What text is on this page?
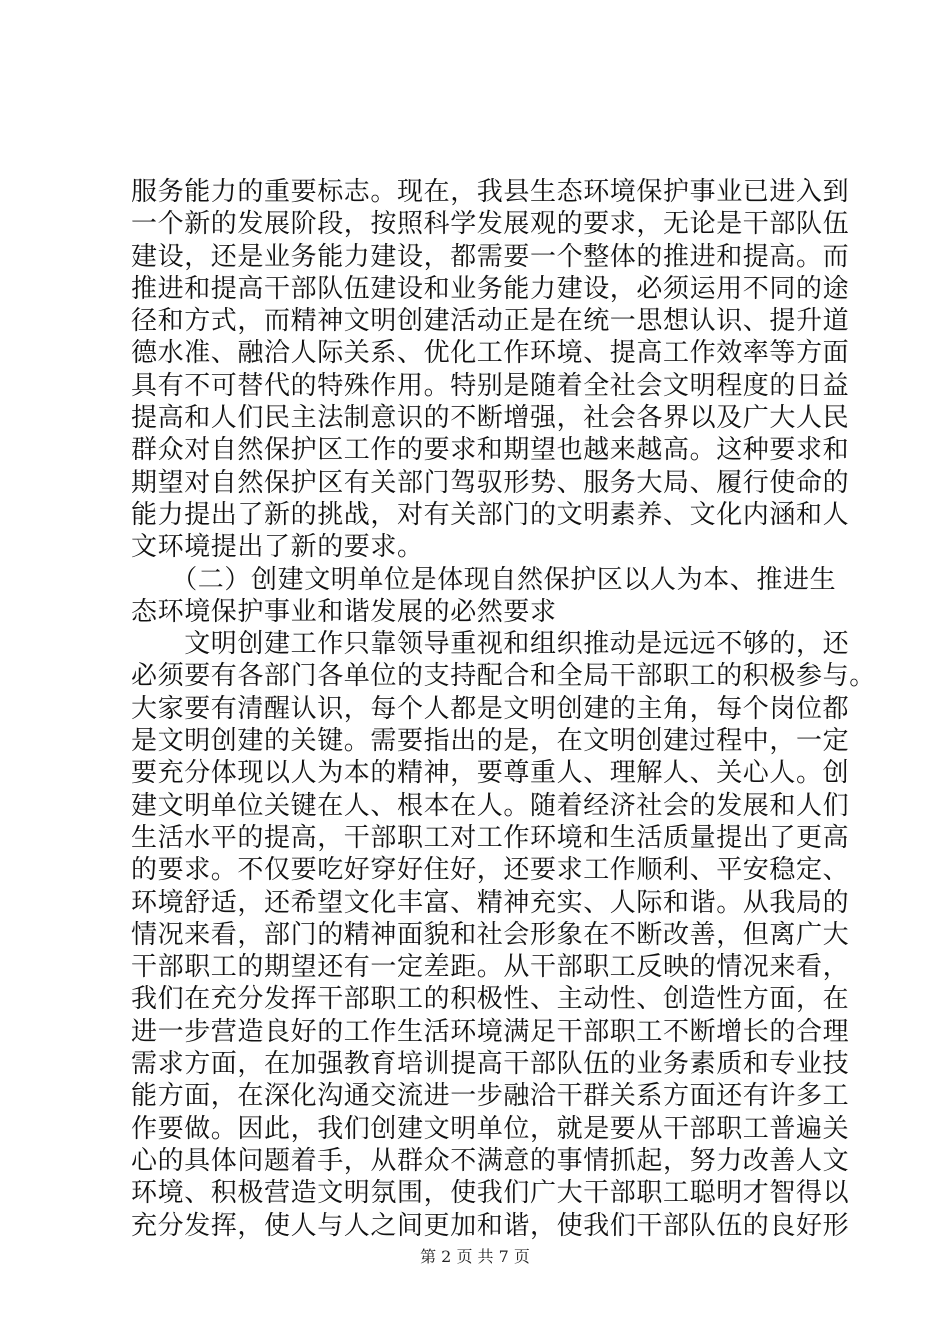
服务能力的重要标志。现在，我县生态环境保护事业已进入到
一个新的发展阶段，按照科学发展观的要求，无论是干部队伍
建设，还是业务能力建设，都需要一个整体的推进和提高。而
推进和提高干部队伍建设和业务能力建设，必须运用不同的途
径和方式，而精神文明创建活动正是在统一思想认识、提升道
德水准、融洽人际关系、优化工作环境、提高工作效率等方面
具有不可替代的特殊作用。特别是随着全社会文明程度的日益
提高和人们民主法制意识的不断增强，社会各界以及广大人民
群众对自然保护区工作的要求和期望也越来越高。这种要求和
期望对自然保护区有关部门驾驭形势、服务大局、履行使命的
能力提出了新的挑战，对有关部门的文明素养、文化内涵和人
文环境提出了新的要求。
　　（二）创建文明单位是体现自然保护区以人为本、推进生
态环境保护事业和谐发展的必然要求
　　文明创建工作只靠领导重视和组织推动是远远不够的，还
必须要有各部门各单位的支持配合和全局干部职工的积极参与。
大家要有清醒认识，每个人都是文明创建的主角，每个岗位都
是文明创建的关键。需要指出的是，在文明创建过程中，一定
要充分体现以人为本的精神，要尊重人、理解人、关心人。创
建文明单位关键在人、根本在人。随着经济社会的发展和人们
生活水平的提高，干部职工对工作环境和生活质量提出了更高
的要求。不仅要吃好穿好住好，还要求工作顺利、平安稳定、
环境舒适，还希望文化丰富、精神充实、人际和谐。从我局的
情况来看，部门的精神面貌和社会形象在不断改善，但离广大
干部职工的期望还有一定差距。从干部职工反映的情况来看，
我们在充分发挥干部职工的积极性、主动性、创造性方面，在
进一步营造良好的工作生活环境满足干部职工不断增长的合理
需求方面，在加强教育培训提高干部队伍的业务素质和专业技
能方面，在深化沟通交流进一步融洽干群关系方面还有许多工
作要做。因此，我们创建文明单位，就是要从干部职工普遍关
心的具体问题着手，从群众不满意的事情抓起，努力改善人文
环境、积极营造文明氛围，使我们广大干部职工聪明才智得以
充分发挥，使人与人之间更加和谐，使我们干部队伍的良好形
第 2 页 共 7 页
